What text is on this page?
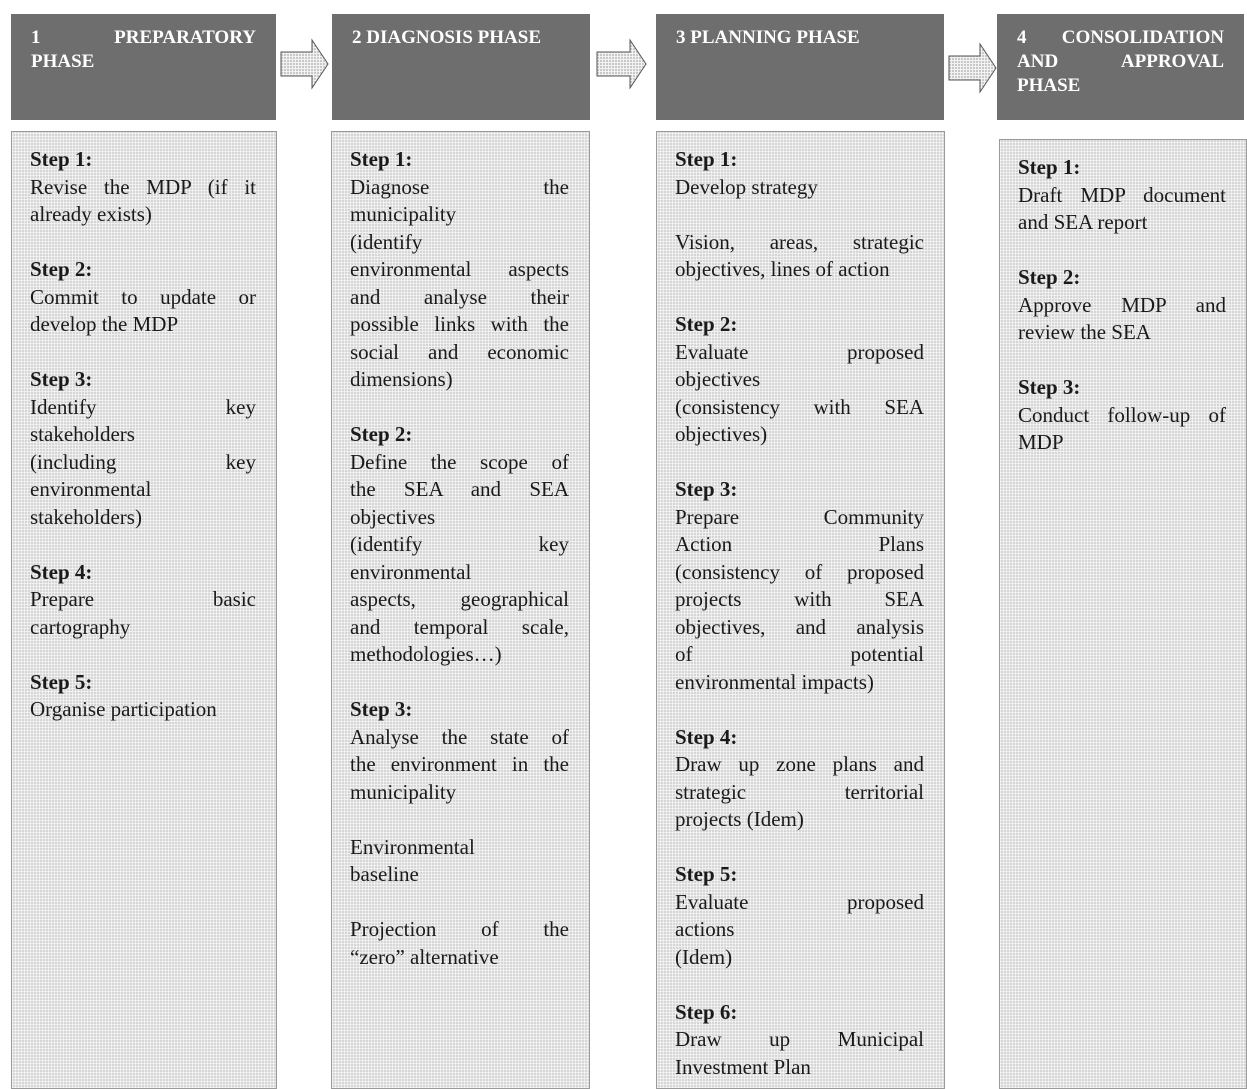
1 PREPARATORY
PHASE
2 DIAGNOSIS PHASE	3 PLANNING PHASE	4 CONSOLIDATION
AND APPROVAL
PHASE
Step 1:
Revise the MDP (if it
already exists)
Step 2:
Commit to update or
develop the MDP
Step 3:
Identify key
stakeholders
(including key
environmental
stakeholders)
Step 4:
Prepare basic
cartography
Step 5:
Organise participation
Step 1:
Diagnose the
municipality
(identify
environmental aspects
and analyse their
possible links with the
social and economic
dimensions)
Step 2:
Define the scope of
the SEA and SEA
objectives
(identify key
environmental
aspects, geographical
and temporal scale,
methodologies…)
Step 3:
Analyse the state of
the environment in the
municipality
Environmental
baseline
Projection of the
“zero” alternative
Step 1:
Develop strategy
Vision, areas, strategic
objectives, lines of action
Step 2:
Evaluate proposed
objectives
(consistency with SEA
objectives)
Step 3:
Prepare Community
Action Plans
(consistency of proposed
projects with SEA
objectives, and analysis
of potential
environmental impacts)
Step 4:
Draw up zone plans and
strategic territorial
projects (Idem)
Step 5:
Evaluate proposed
actions
(Idem)
Step 6:
Draw up Municipal
Investment Plan
Step 1:
Draft MDP document
and SEA report
Step 2:
Approve MDP and
review the SEA
Step 3:
Conduct follow-up of
MDP
